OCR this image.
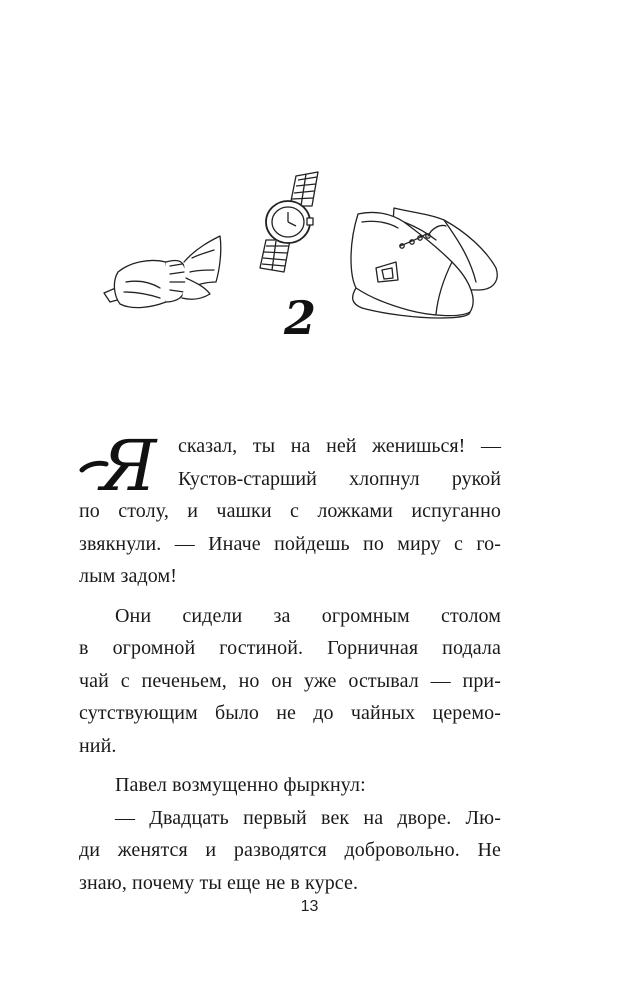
2
Я сказал, ты на ней женишься! —
Кустов-старший хлопнул рукой
по столу, и чашки с ложками испуганно
звякнули. — Иначе пойдешь по миру с го-
лым задом!
Они сидели за огромным столом
в огромной гостиной. Горничная подала
чай с печеньем, но он уже остывал — при-
сутствующим было не до чайных церемо-
ний.
Павел возмущенно фыркнул:
— Двадцать первый век на дворе. Лю-
ди женятся и разводятся добровольно. Не
знаю, почему ты еще не в курсе.
13
